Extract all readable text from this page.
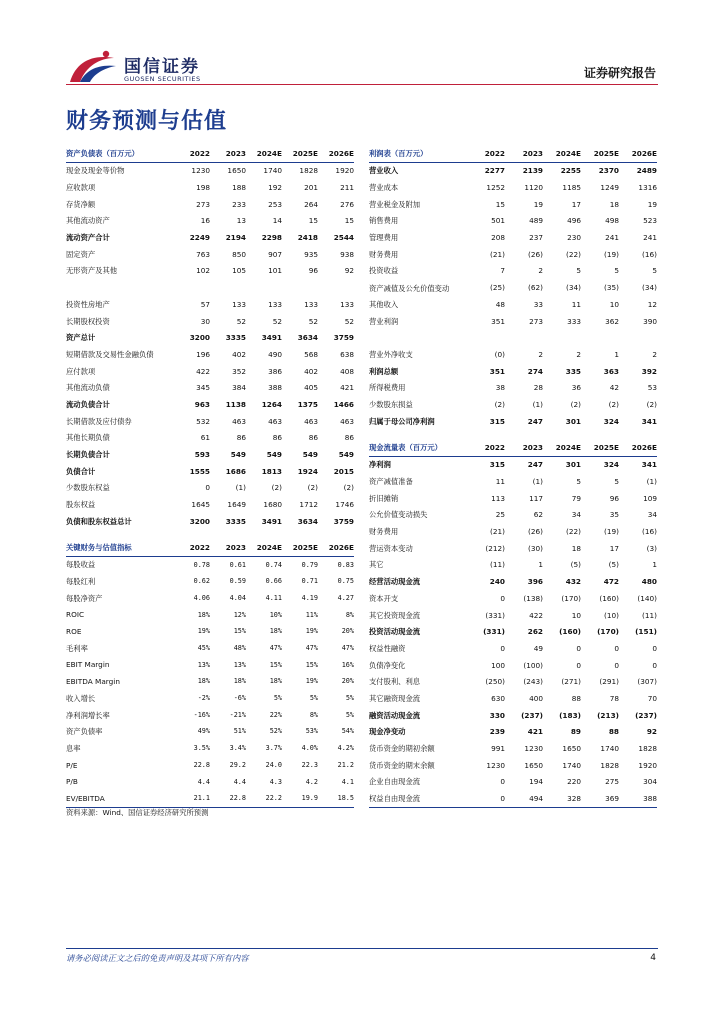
国信证券
GUOSEN SECURITIES	证券研究报告
财务预测与估值
资产负债表（百万元）	2022	2023	2024E	2025E	2026E
现金及现金等价物	1230	1650	1740	1828	1920
应收款项	198	188	192	201	211
存货净额	273	233	253	264	276
其他流动资产	16	13	14	15	15
流动资产合计	2249	2194	2298	2418	2544
固定资产	763	850	907	935	938
无形资产及其他	102	105	101	96	92

投资性房地产	57	133	133	133	133
长期股权投资	30	52	52	52	52
资产总计	3200	3335	3491	3634	3759
短期借款及交易性金融负债	196	402	490	568	638
应付款项	422	352	386	402	408
其他流动负债	345	384	388	405	421
流动负债合计	963	1138	1264	1375	1466
长期借款及应付债券	532	463	463	463	463
其他长期负债	61	86	86	86	86
长期负债合计	593	549	549	549	549
负债合计	1555	1686	1813	1924	2015
少数股东权益	0	(1)	(2)	(2)	(2)
股东权益	1645	1649	1680	1712	1746
负债和股东权益总计	3200	3335	3491	3634	3759
关键财务与估值指标	2022	2023	2024E	2025E	2026E
每股收益	0.78	0.61	0.74	0.79	0.83
每股红利	0.62	0.59	0.66	0.71	0.75
每股净资产	4.06	4.04	4.11	4.19	4.27
ROIC	18%	12%	10%	11%	8%
ROE	19%	15%	18%	19%	20%
毛利率	45%	48%	47%	47%	47%
EBIT Margin	13%	13%	15%	15%	16%
EBITDA Margin	18%	18%	18%	19%	20%
收入增长	-2%	-6%	5%	5%	5%
净利润增长率	-16%	-21%	22%	8%	5%
资产负债率	49%	51%	52%	53%	54%
息率	3.5%	3.4%	3.7%	4.0%	4.2%
P/E	22.8	29.2	24.0	22.3	21.2
P/B	4.4	4.4	4.3	4.2	4.1
EV/EBITDA	21.1	22.8	22.2	19.9	18.5
利润表（百万元）	2022	2023	2024E	2025E	2026E
营业收入	2277	2139	2255	2370	2489
营业成本	1252	1120	1185	1249	1316
营业税金及附加	15	19	17	18	19
销售费用	501	489	496	498	523
管理费用	208	237	230	241	241
财务费用	(21)	(26)	(22)	(19)	(16)
投资收益	7	2	5	5	5
资产减值及公允价值变动	(25)	(62)	(34)	(35)	(34)
其他收入	48	33	11	10	12
营业利润	351	273	333	362	390

营业外净收支	(0)	2	2	1	2
利润总额	351	274	335	363	392
所得税费用	38	28	36	42	53
少数股东损益	(2)	(1)	(2)	(2)	(2)
归属于母公司净利润	315	247	301	324	341
现金流量表（百万元）	2022	2023	2024E	2025E	2026E
净利润	315	247	301	324	341
资产减值准备	11	(1)	5	5	(1)
折旧摊销	113	117	79	96	109
公允价值变动损失	25	62	34	35	34
财务费用	(21)	(26)	(22)	(19)	(16)
营运资本变动	(212)	(30)	18	17	(3)
其它	(11)	1	(5)	(5)	1
经营活动现金流	240	396	432	472	480
资本开支	0	(138)	(170)	(160)	(140)
其它投资现金流	(331)	422	10	(10)	(11)
投资活动现金流	(331)	262	(160)	(170)	(151)
权益性融资	0	49	0	0	0
负债净变化	100	(100)	0	0	0
支付股利、利息	(250)	(243)	(271)	(291)	(307)
其它融资现金流	630	400	88	78	70
融资活动现金流	330	(237)	(183)	(213)	(237)
现金净变动	239	421	89	88	92
货币资金的期初余额	991	1230	1650	1740	1828
货币资金的期末余额	1230	1650	1740	1828	1920
企业自由现金流	0	194	220	275	304
权益自由现金流	0	494	328	369	388
资料来源：Wind、国信证券经济研究所预测
请务必阅读正文之后的免责声明及其项下所有内容	4
